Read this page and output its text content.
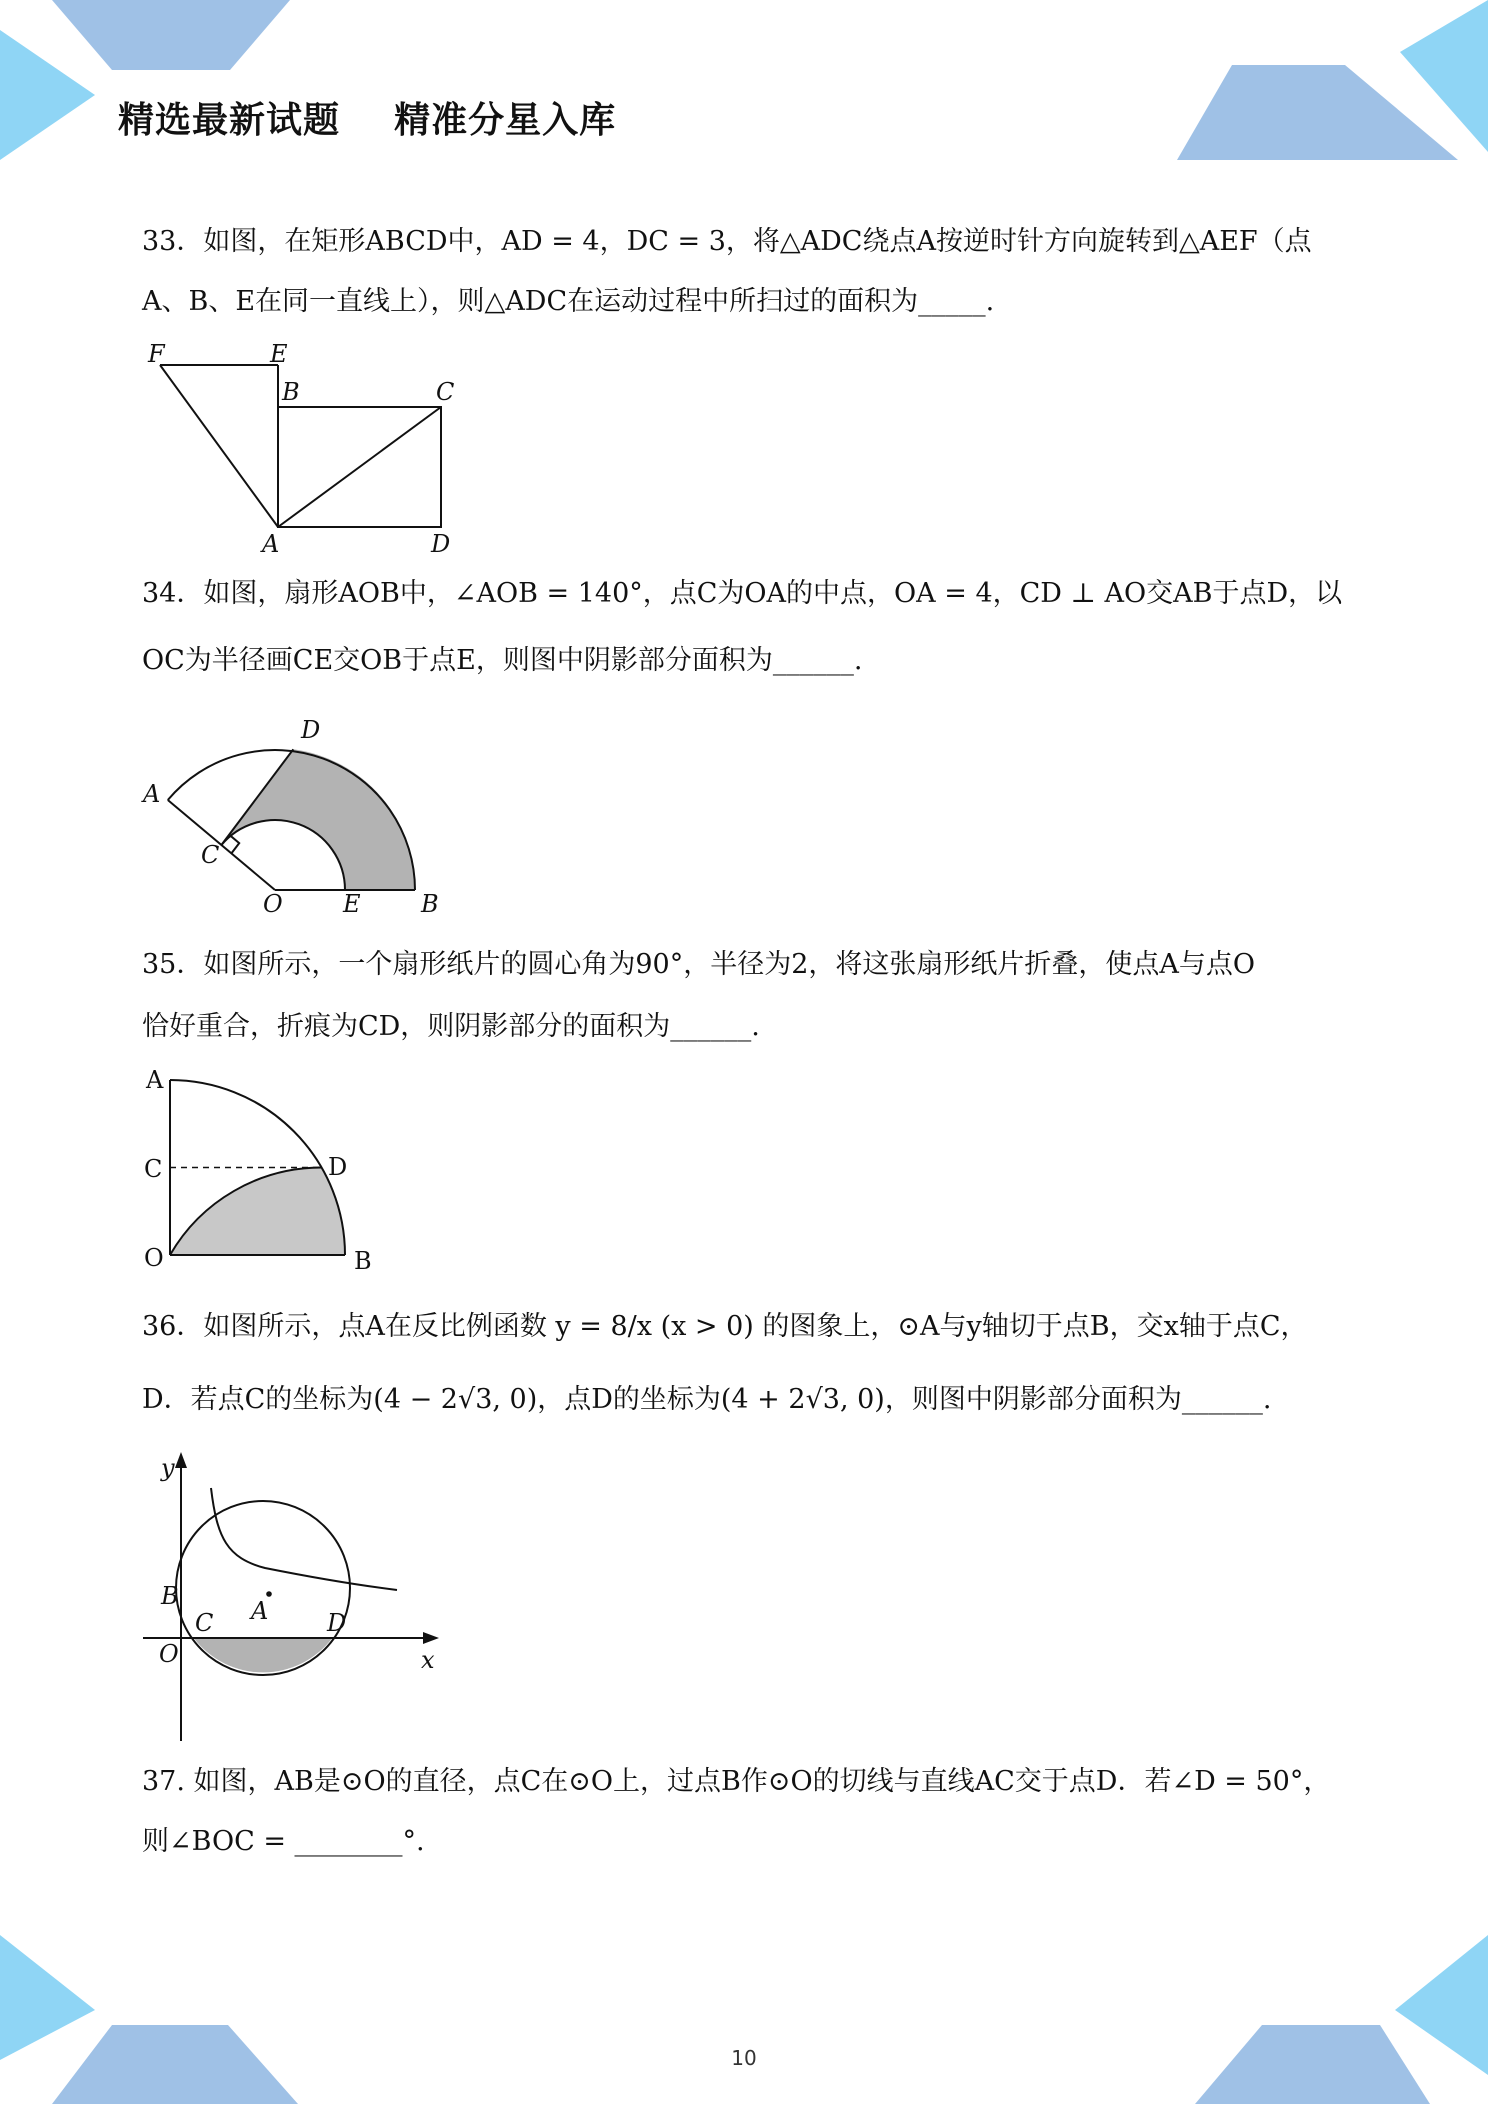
精选最新试题    精准分星入库

33．如图，在矩形ABCD中，AD = 4，DC = 3，将△ADC绕点A按逆时针方向旋转到△AEF（点

A、B、E在同一直线上），则△ADC在运动过程中所扫过的面积为_____.

F	E
B	C
A	D

34．如图，扇形AOB中，∠AOB = 140°，点C为OA的中点，OA = 4，CD ⊥ AO交AB于点D，以

OC为半径画CE交OB于点E，则图中阴影部分面积为______.

A
D
C
O	E	B

35．如图所示，一个扇形纸片的圆心角为90°，半径为2，将这张扇形纸片折叠，使点A与点O

恰好重合，折痕为CD，则阴影部分的面积为______.

A
C	D
O	B

36．如图所示，点A在反比例函数 y = 8/x (x > 0) 的图象上，⊙A与y轴切于点B，交x轴于点C，

D．若点C的坐标为(4 − 2√3, 0)，点D的坐标为(4 + 2√3, 0)，则图中阴影部分面积为______.

y
x
B
A
C	D
O

37. 如图，AB是⊙O的直径，点C在⊙O上，过点B作⊙O的切线与直线AC交于点D．若∠D = 50°，

则∠BOC = ________°.

10
